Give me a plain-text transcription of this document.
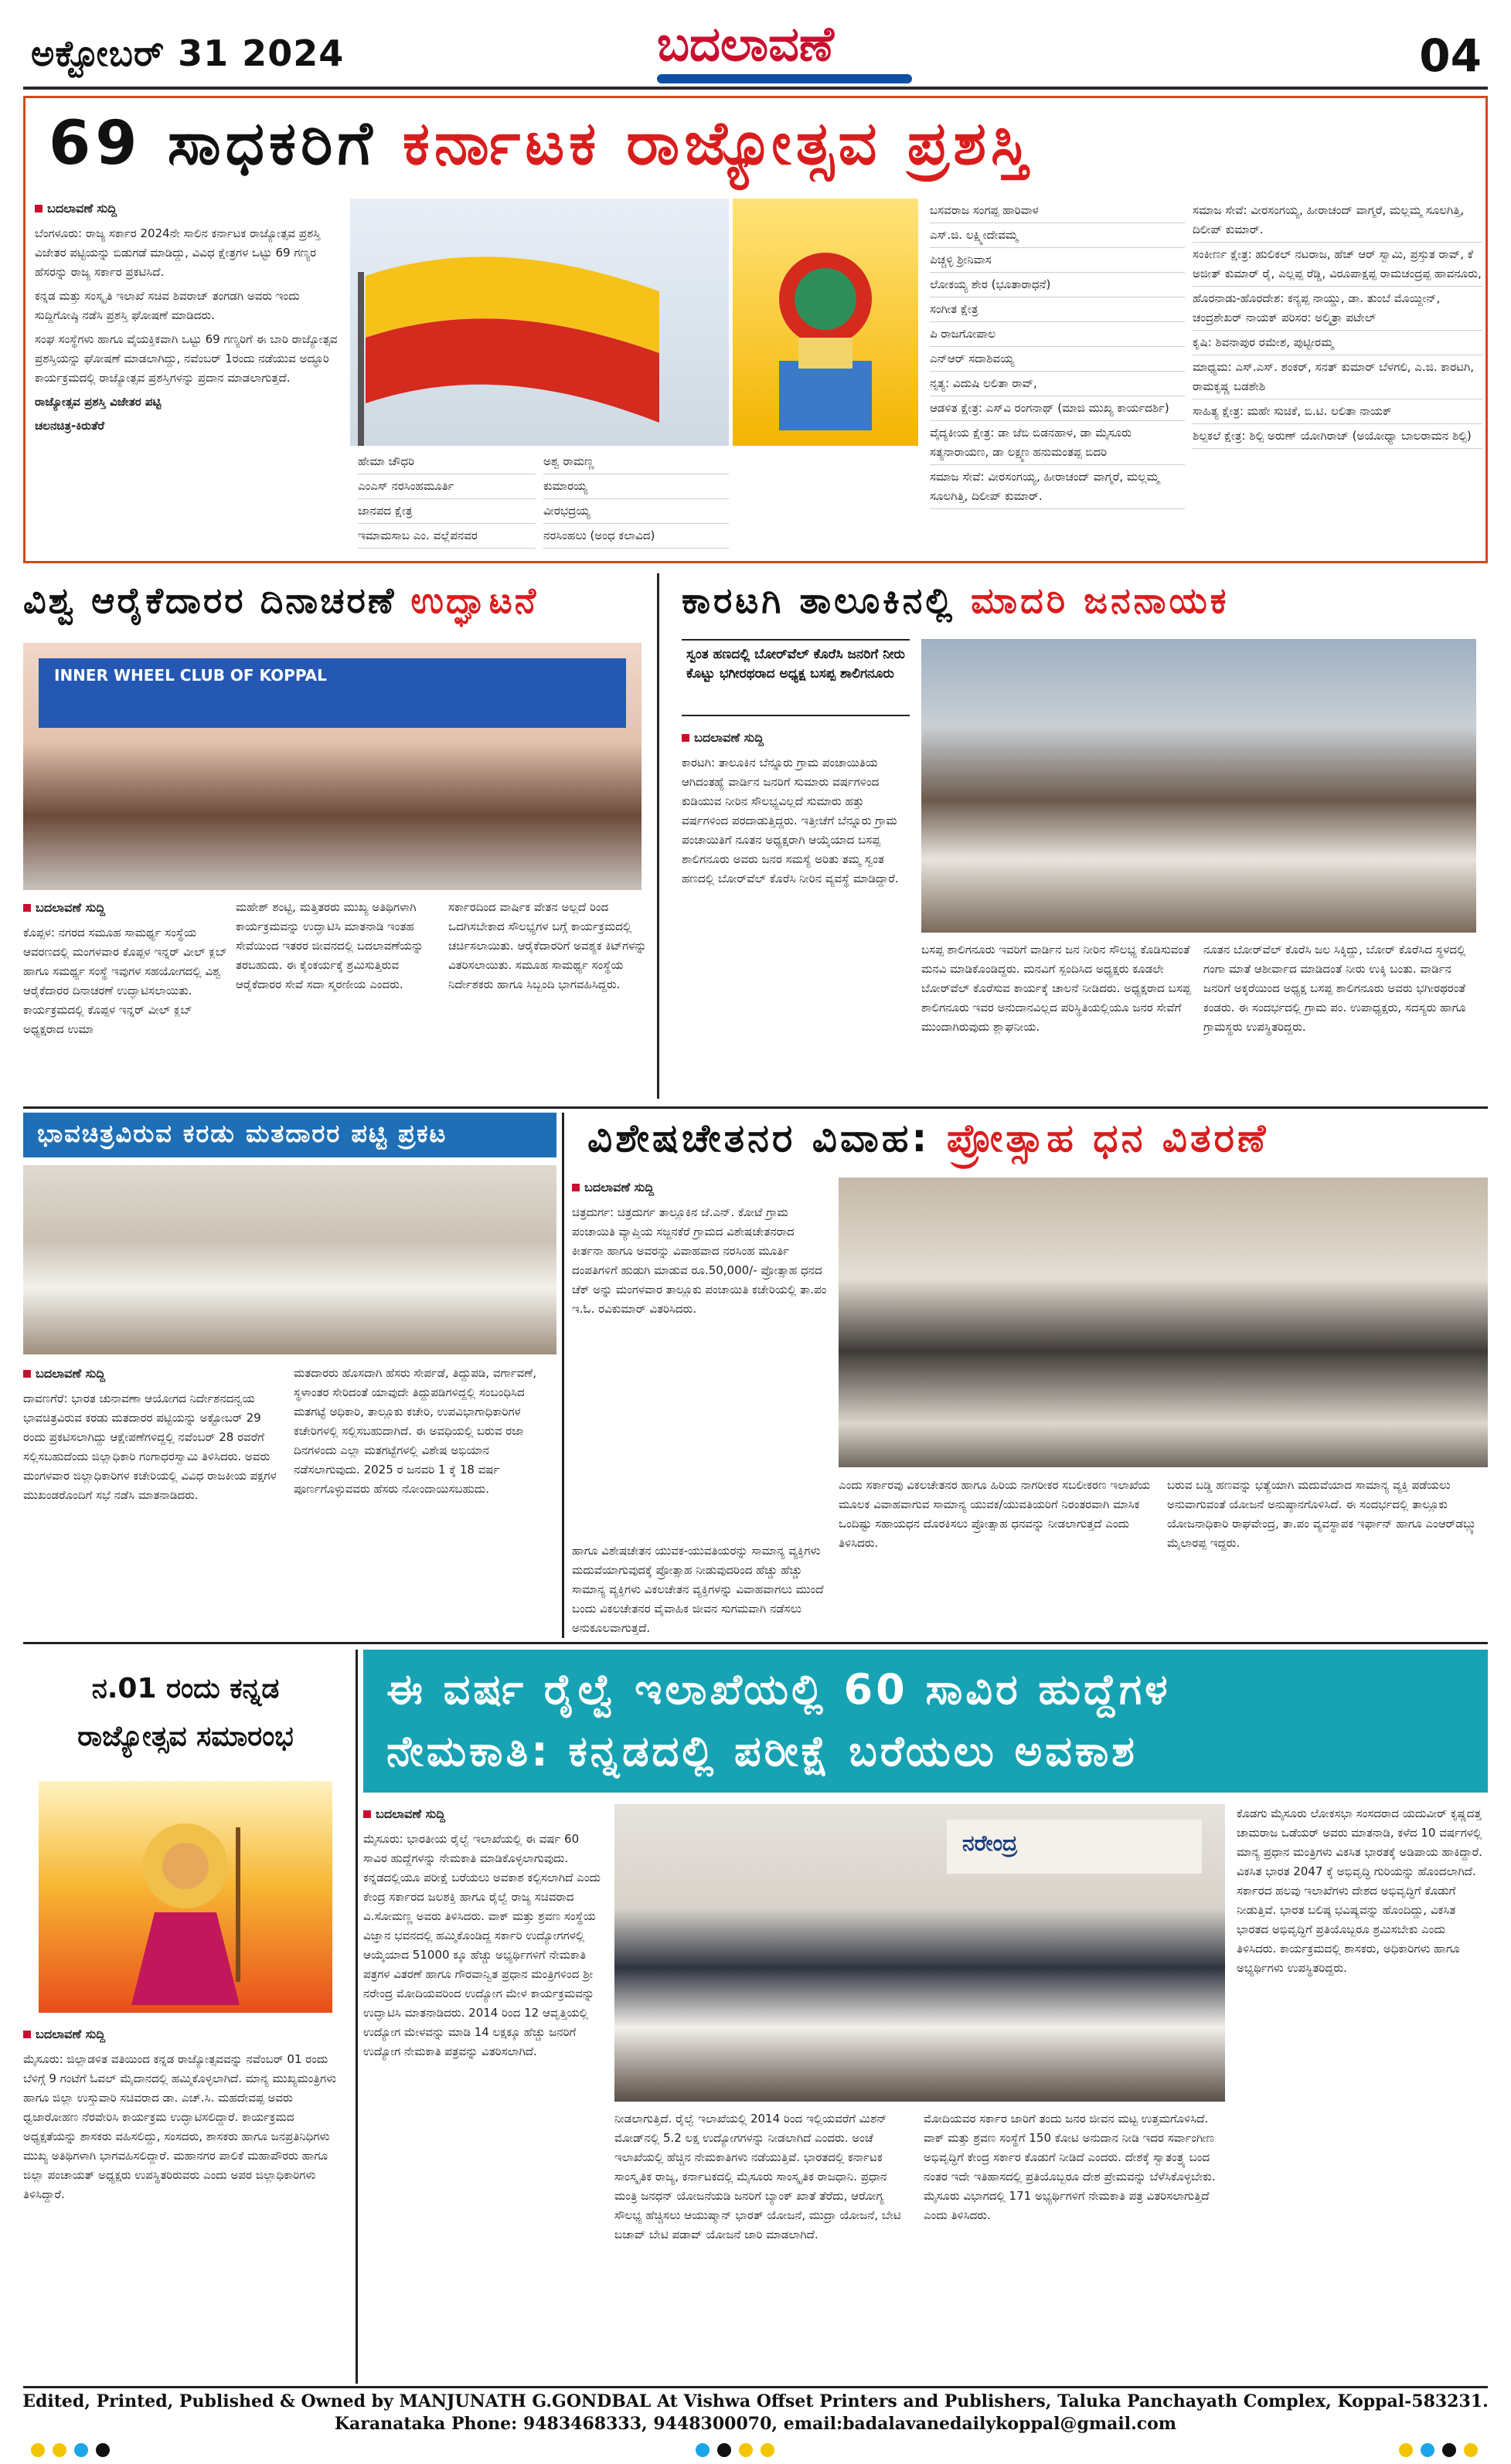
ಅಕ್ಟೋಬರ್ 31 2024	ಬದಲಾವಣೆ	04
69 ಸಾಧಕರಿಗೆ ಕರ್ನಾಟಕ ರಾಜ್ಯೋತ್ಸವ ಪ್ರಶಸ್ತಿ
ಬದಲಾವಣೆ ಸುದ್ದಿ

ಬೆಂಗಳೂರು: ರಾಜ್ಯ ಸರ್ಕಾರ 2024ನೇ ಸಾಲಿನ ಕರ್ನಾಟಕ ರಾಜ್ಯೋತ್ಸವ ಪ್ರಶಸ್ತಿ ವಿಜೇತರ ಪಟ್ಟಿಯನ್ನು ಬಿಡುಗಡೆ ಮಾಡಿದ್ದು, ವಿವಿಧ ಕ್ಷೇತ್ರಗಳ ಒಟ್ಟು 69 ಗಣ್ಯರ ಹೆಸರನ್ನು ರಾಜ್ಯ ಸರ್ಕಾರ ಪ್ರಕಟಿಸಿದೆ.

ಕನ್ನಡ ಮತ್ತು ಸಂಸ್ಕೃತಿ ಇಲಾಖೆ ಸಚಿವ ಶಿವರಾಜ್ ತಂಗಡಗಿ ಅವರು ಇಂದು ಸುದ್ದಿಗೋಷ್ಠಿ ನಡೆಸಿ ಪ್ರಶಸ್ತಿ ಘೋಷಣೆ ಮಾಡಿದರು.

ಸಂಘ ಸಂಸ್ಥೆಗಳು ಹಾಗೂ ವೈಯಕ್ತಿಕವಾಗಿ ಒಟ್ಟು 69 ಗಣ್ಯರಿಗೆ ಈ ಬಾರಿ ರಾಜ್ಯೋತ್ಸವ ಪ್ರಶಸ್ತಿಯನ್ನು ಘೋಷಣೆ ಮಾಡಲಾಗಿದ್ದು, ನವೆಂಬರ್ 1ರಂದು ನಡೆಯುವ ಅದ್ಧೂರಿ ಕಾರ್ಯಕ್ರಮದಲ್ಲಿ ರಾಜ್ಯೋತ್ಸವ ಪ್ರಶಸ್ತಿಗಳನ್ನು ಪ್ರದಾನ ಮಾಡಲಾಗುತ್ತದೆ.

ರಾಜ್ಯೋತ್ಸವ ಪ್ರಶಸ್ತಿ ವಿಜೇತರ ಪಟ್ಟಿ

ಚಲನಚಿತ್ರ-ಕಿರುತೆರೆ

ಹೇಮಾ ಚೌಧರಿ
ಎಂಎಸ್ ನರಸಿಂಹಮೂರ್ತಿ
ಜಾನಪದ ಕ್ಷೇತ್ರ
ಇಮಾಮಸಾಬ ಎಂ. ವಲ್ಲೆಪನವರ
ಅಶ್ವ ರಾಮಣ್ಣ
ಕುಮಾರಯ್ಯ
ವೀರಭದ್ರಯ್ಯ
ನರಸಿಂಹಲು (ಅಂಧ ಕಲಾವಿದ)
ಬಸವರಾಜ ಸಂಗಪ್ಪ ಹಾರಿವಾಳ
ಎಸ್.ಜಿ. ಲಕ್ಷ್ಮೀದೇವಮ್ಮ
ಪಿಚ್ಚಳ್ಳಿ ಶ್ರೀನಿವಾಸ
ಲೋಕಯ್ಯ ಶೇರ (ಭೂತಾರಾಧನೆ)
ಸಂಗೀತ ಕ್ಷೇತ್ರ
ಪಿ ರಾಜಗೋಪಾಲ
ಎನ್ಆರ್ ಸದಾಶಿವಯ್ಯ
ನೃತ್ಯ: ವಿದುಷಿ ಲಲಿತಾ ರಾವ್,
ಆಡಳಿತ ಕ್ಷೇತ್ರ: ಎಸ್‌ವಿ ರಂಗನಾಥ್ (ಮಾಜಿ ಮುಖ್ಯ ಕಾರ್ಯದರ್ಶಿ)
ವೈದ್ಯಕೀಯ ಕ್ಷೇತ್ರ: ಡಾ ಜೆಬಿ ಬಿಡನಹಾಳ, ಡಾ ಮೈಸೂರು ಸತ್ಯನಾರಾಯಣ, ಡಾ ಲಕ್ಷ್ಮಣ ಹನುಮಂತಪ್ಪ ಬಿದರಿ
ಸಮಾಜ ಸೇವೆ: ವೀರಸಂಗಯ್ಯ, ಹೀರಾಚಂದ್ ವಾಗ್ಮರೆ, ಮಲ್ಲಮ್ಮ ಸೂಲಗಿತ್ತಿ, ದಿಲೀಪ್ ಕುಮಾರ್.
ಸಮಾಜ ಸೇವೆ: ವೀರಸಂಗಯ್ಯ, ಹೀರಾಚಂದ್ ವಾಗ್ಮರೆ, ಮಲ್ಲಮ್ಮ ಸೂಲಗಿತ್ತಿ, ದಿಲೀಪ್ ಕುಮಾರ್.
ಸಂಕೀರ್ಣ ಕ್ಷೇತ್ರ: ಹುಲಿಕಲ್ ನಟರಾಜ, ಹೆಚ್ ಆರ್ ಸ್ವಾಮಿ, ಪ್ರಸ್ತುತ ರಾವ್, ಕೆ ಅಜೀತ್ ಕುಮಾರ್ ರೈ, ಎಲ್ಲಪ್ಪ ರೆಡ್ಡಿ, ವಿರೂಪಾಕ್ಷಪ್ಪ ರಾಮಚಂದ್ರಪ್ಪ ಹಾವನೂರು,
ಹೊರನಾಡು-ಹೊರದೇಶ: ಕನ್ಯಪ್ಪ ನಾಯ್ಡು, ಡಾ. ತುಂಬೆ ಮೊಯ್ದೀನ್, ಚಂದ್ರಶೇಖರ್ ನಾಯಕ್ ಪರಿಸರ: ಅಲ್ಮಿತ್ರಾ ಪಟೇಲ್
ಕೃಷಿ: ಶಿವನಾಪುರ ರಮೇಶ, ಪುಟ್ಟೀರಮ್ಮ
ಮಾಧ್ಯಮ: ಎಸ್.ಎಸ್. ಶಂಕರ್, ಸನತ್ ಕುಮಾರ್ ಬೆಳಗಲಿ, ಎ.ಜಿ. ಕಾರಟಗಿ, ರಾಮಕೃಷ್ಣ ಬಡಶೇಶಿ
ಸಾಹಿತ್ಯ ಕ್ಷೇತ್ರ: ಮಹೇ ಸುಚಿಕೆ, ಬಿ.ಟಿ. ಲಲಿತಾ ನಾಯಕ್
ಶಿಲ್ಪಕಲೆ ಕ್ಷೇತ್ರ: ಶಿಲ್ಪಿ ಅರುಣ್ ಯೋಗಿರಾಜ್ (ಅಯೋಧ್ಯಾ ಬಾಲರಾಮನ ಶಿಲ್ಪಿ)
ವಿಶ್ವ ಆರೈಕೆದಾರರ ದಿನಾಚರಣೆ ಉದ್ಘಾಟನೆ
INNER WHEEL CLUB OF KOPPAL
ಬದಲಾವಣೆ ಸುದ್ದಿ

ಕೊಪ್ಪಳ: ನಗರದ ಸಮೂಹ ಸಾಮರ್ಥ್ಯ ಸಂಸ್ಥೆಯ ಆವರಣದಲ್ಲಿ ಮಂಗಳವಾರ ಕೊಪ್ಪಳ ಇನ್ನರ್ ವೀಲ್ ಕ್ಲಬ್ ಹಾಗೂ ಸಮರ್ಥ್ಯ ಸಂಸ್ಥೆ ಇವುಗಳ ಸಹಯೋಗದಲ್ಲಿ ವಿಶ್ವ ಆರೈಕೆದಾರರ ದಿನಾಚರಣೆ ಉದ್ಘಾಟಿಸಲಾಯಿತು. ಕಾರ್ಯಕ್ರಮದಲ್ಲಿ ಕೊಪ್ಪಳ ಇನ್ನರ್ ವೀಲ್ ಕ್ಲಬ್ ಅಧ್ಯಕ್ಷರಾದ ಉಮಾ

ಮಹೇಶ್ ಶಂಟ್ಟಿ, ಮತ್ತಿತರರು ಮುಖ್ಯ ಅತಿಥಿಗಳಾಗಿ ಕಾರ್ಯಕ್ರಮವನ್ನು ಉದ್ಘಾಟಿಸಿ ಮಾತನಾಡಿ ಇಂತಹ ಸೇವೆಯಿಂದ ಇತರರ ಜೀವನದಲ್ಲಿ ಬದಲಾವಣೆಯನ್ನು ತರಬಹುದು. ಈ ಕೈಂಕರ್ಯಕ್ಕೆ ಶ್ರಮಿಸುತ್ತಿರುವ ಆರೈಕೆದಾರರ ಸೇವೆ ಸದಾ ಸ್ಮರಣೀಯ ಎಂದರು.

ಸರ್ಕಾರದಿಂದ ವಾರ್ಷಿಕ ವೇತನ ಅಲ್ಲದೆ ರಿಂದ ಒದಗಿಸಬೇಕಾದ ಸೌಲಭ್ಯಗಳ ಬಗ್ಗೆ ಕಾರ್ಯಕ್ರಮದಲ್ಲಿ ಚರ್ಚಿಸಲಾಯಿತು. ಆರೈಕೆದಾರರಿಗೆ ಅವಶ್ಯಕ ಕಿಟ್‌ಗಳನ್ನು ವಿತರಿಸಲಾಯಿತು. ಸಮೂಹ ಸಾಮರ್ಥ್ಯ ಸಂಸ್ಥೆಯ ನಿರ್ದೇಶಕರು ಹಾಗೂ ಸಿಬ್ಬಂದಿ ಭಾಗವಹಿಸಿದ್ದರು.

ಕಾರಟಗಿ ತಾಲೂಕಿನಲ್ಲಿ ಮಾದರಿ ಜನನಾಯಕ
ಸ್ವಂತ ಹಣದಲ್ಲಿ ಬೋರ್‌ವೆಲ್ ಕೊರೆಸಿ ಜನರಿಗೆ ನೀರು ಕೊಟ್ಟು ಭಗೀರಥರಾದ ಅಧ್ಯಕ್ಷ ಬಸಪ್ಪ ಶಾಲಿಗನೂರು
ಬದಲಾವಣೆ ಸುದ್ದಿ

ಕಾರಟಗಿ: ತಾಲೂಕಿನ ಬೆನ್ನೂರು ಗ್ರಾಮ ಪಂಚಾಯಿತಿಯ ಆಗಿದಂತಹ್ಯೆ ವಾರ್ಡಿನ ಜನರಿಗೆ ಸುಮಾರು ವರ್ಷಗಳಿಂದ ಕುಡಿಯುವ ನೀರಿನ ಸೌಲಭ್ಯವಿಲ್ಲದೆ ಸುಮಾರು ಹತ್ತು ವರ್ಷಗಳಿಂದ ಪರದಾಡುತ್ತಿದ್ದರು. ಇತ್ತೀಚೆಗೆ ಬೆನ್ನೂರು ಗ್ರಾಮ ಪಂಚಾಯಿತಿಗೆ ನೂತನ ಅಧ್ಯಕ್ಷರಾಗಿ ಆಯ್ಕೆಯಾದ ಬಸಪ್ಪ ಶಾಲಿಗನೂರು ಅವರು ಜನರ ಸಮಸ್ಯೆ ಅರಿತು ತಮ್ಮ ಸ್ವಂತ ಹಣದಲ್ಲಿ ಬೋರ್‌ವೆಲ್ ಕೊರೆಸಿ ನೀರಿನ ವ್ಯವಸ್ಥೆ ಮಾಡಿದ್ದಾರೆ.

ಬಸಪ್ಪ ಶಾಲಿಗನೂರು ಇವರಿಗೆ ವಾರ್ಡಿನ ಜನ ನೀರಿನ ಸೌಲಭ್ಯ ಕೊಡಿಸುವಂತೆ ಮನವಿ ಮಾಡಿಕೊಂಡಿದ್ದರು. ಮನವಿಗೆ ಸ್ಪಂದಿಸಿದ ಅಧ್ಯಕ್ಷರು ಕೂಡಲೇ ಬೋರ್‌ವೆಲ್ ಕೊರೆಸುವ ಕಾರ್ಯಕ್ಕೆ ಚಾಲನೆ ನೀಡಿದರು. ಅಧ್ಯಕ್ಷರಾದ ಬಸಪ್ಪ ಶಾಲಿಗನೂರು ಇವರ ಅನುದಾನವಿಲ್ಲದ ಪರಿಸ್ಥಿತಿಯಲ್ಲಿಯೂ ಜನರ ಸೇವೆಗೆ ಮುಂದಾಗಿರುವುದು ಶ್ಲಾಘನೀಯ.

ನೂತನ ಬೋರ್‌ವೆಲ್ ಕೊರೆಸಿ ಜಲ ಸಿಕ್ಕಿದ್ದು, ಬೋರ್ ಕೊರೆಸಿದ ಸ್ಥಳದಲ್ಲಿ ಗಂಗಾ ಮಾತೆ ಆಶೀರ್ವಾದ ಮಾಡಿದಂತೆ ನೀರು ಉಕ್ಕಿ ಬಂತು. ವಾರ್ಡಿನ ಜನರಿಗೆ ಅಕ್ಕರೆಯಿಂದ ಅಧ್ಯಕ್ಷ ಬಸಪ್ಪ ಶಾಲಿಗನೂರು ಅವರು ಭಗೀರಥರಂತೆ ಕಂಡರು. ಈ ಸಂದರ್ಭದಲ್ಲಿ ಗ್ರಾಮ ಪಂ. ಉಪಾಧ್ಯಕ್ಷರು, ಸದಸ್ಯರು ಹಾಗೂ ಗ್ರಾಮಸ್ಥರು ಉಪಸ್ಥಿತರಿದ್ದರು.

ಭಾವಚಿತ್ರವಿರುವ ಕರಡು ಮತದಾರರ ಪಟ್ಟಿ ಪ್ರಕಟ
ಬದಲಾವಣೆ ಸುದ್ದಿ

ದಾವಣಗೆರೆ: ಭಾರತ ಚುನಾವಣಾ ಆಯೋಗದ ನಿರ್ದೇಶನದನ್ವಯ ಭಾವಚಿತ್ರವಿರುವ ಕರಡು ಮತದಾರರ ಪಟ್ಟಿಯನ್ನು ಅಕ್ಟೋಬರ್ 29 ರಂದು ಪ್ರಕಟಿಸಲಾಗಿದ್ದು ಆಕ್ಷೇಪಣೆಗಳಿದ್ದಲ್ಲಿ ನವೆಂಬರ್ 28 ರವರೆಗೆ ಸಲ್ಲಿಸಬಹುದೆಂದು ಜಿಲ್ಲಾಧಿಕಾರಿ ಗಂಗಾಧರಸ್ವಾಮಿ ತಿಳಿಸಿದರು. ಅವರು ಮಂಗಳವಾರ ಜಿಲ್ಲಾಧಿಕಾರಿಗಳ ಕಚೇರಿಯಲ್ಲಿ ವಿವಿಧ ರಾಜಕೀಯ ಪಕ್ಷಗಳ ಮುಖಂಡರೊಂದಿಗೆ ಸಭೆ ನಡೆಸಿ ಮಾತನಾಡಿದರು.

ಮತದಾರರು ಹೊಸದಾಗಿ ಹೆಸರು ಸೇರ್ಪಡೆ, ತಿದ್ದುಪಡಿ, ವರ್ಗಾವಣೆ, ಸ್ಥಳಾಂತರ ಸೇರಿದಂತೆ ಯಾವುದೇ ತಿದ್ದುಪಡಿಗಳಿದ್ದಲ್ಲಿ ಸಂಬಂಧಿಸಿದ ಮತಗಟ್ಟೆ ಅಧಿಕಾರಿ, ತಾಲ್ಲೂಕು ಕಚೇರಿ, ಉಪವಿಭಾಗಾಧಿಕಾರಿಗಳ ಕಚೇರಿಗಳಲ್ಲಿ ಸಲ್ಲಿಸಬಹುದಾಗಿದೆ. ಈ ಅವಧಿಯಲ್ಲಿ ಬರುವ ರಜಾ ದಿನಗಳಂದು ಎಲ್ಲಾ ಮತಗಟ್ಟೆಗಳಲ್ಲಿ ವಿಶೇಷ ಅಭಿಯಾನ ನಡೆಸಲಾಗುವುದು. 2025 ರ ಜನವರಿ 1 ಕ್ಕೆ 18 ವರ್ಷ ಪೂರ್ಣಗೊಳ್ಳುವವರು ಹೆಸರು ನೋಂದಾಯಿಸಬಹುದು.

ವಿಶೇಷಚೇತನರ ವಿವಾಹ: ಪ್ರೋತ್ಸಾಹ ಧನ ವಿತರಣೆ
ಬದಲಾವಣೆ ಸುದ್ದಿ

ಚಿತ್ರದುರ್ಗ: ಚಿತ್ರದುರ್ಗ ತಾಲ್ಲೂಕಿನ ಜೆ.ಎನ್. ಕೋಟೆ ಗ್ರಾಮ ಪಂಚಾಯಿತಿ ವ್ಯಾಪ್ತಿಯ ಸಜ್ಜನಕೆರೆ ಗ್ರಾಮದ ವಿಶೇಷಚೇತನರಾದ ಕೀರ್ತನಾ ಹಾಗೂ ಅವರನ್ನು ವಿವಾಹವಾದ ನರಸಿಂಹ ಮೂರ್ತಿ ದಂಪತಿಗಳಿಗೆ ಹುಡುಗಿ ಮಾಡುವ ರೂ.50,000/- ಪ್ರೋತ್ಸಾಹ ಧನದ ಚೆಕ್ ಅನ್ನು ಮಂಗಳವಾರ ತಾಲ್ಲೂಕು ಪಂಚಾಯಿತಿ ಕಚೇರಿಯಲ್ಲಿ ತಾ.ಪಂ ಇ.ಓ. ರವಿಕುಮಾರ್ ವಿತರಿಸಿದರು.

ಹಾಗೂ ವಿಶೇಷಚೇತನ ಯುವಕ-ಯುವತಿಯರನ್ನು ಸಾಮಾನ್ಯ ವ್ಯಕ್ತಿಗಳು ಮದುವೆಯಾಗುವುದಕ್ಕೆ ಪ್ರೋತ್ಸಾಹ ನೀಡುವುದರಿಂದ ಹೆಚ್ಚು ಹೆಚ್ಚು ಸಾಮಾನ್ಯ ವ್ಯಕ್ತಿಗಳು ವಿಕಲಚೇತನ ವ್ಯಕ್ತಿಗಳನ್ನು ವಿವಾಹವಾಗಲು ಮುಂದೆ ಬಂದು ವಿಕಲಚೇತನರ ವೈವಾಹಿಕ ಜೀವನ ಸುಗಮವಾಗಿ ನಡೆಸಲು ಅನುಕೂಲವಾಗುತ್ತದೆ.

ಎಂದು ಸರ್ಕಾರವು ವಿಕಲಚೇತನರ ಹಾಗೂ ಹಿರಿಯ ನಾಗರೀಕರ ಸಬಲೀಕರಣ ಇಲಾಖೆಯ ಮೂಲಕ ವಿವಾಹವಾಗುವ ಸಾಮಾನ್ಯ ಯುವಕ/ಯುವತಿಯರಿಗೆ ನಿರಂತರವಾಗಿ ಮಾಸಿಕ ಒಂದಿಷ್ಟು ಸಹಾಯಧನ ದೊರಕಿಸಲು ಪ್ರೋತ್ಸಾಹ ಧನವನ್ನು ನೀಡಲಾಗುತ್ತದೆ ಎಂದು ತಿಳಿಸಿದರು.

ಬರುವ ಬಡ್ಡಿ ಹಣವನ್ನು ಭತ್ಯೆಯಾಗಿ ಮದುವೆಯಾದ ಸಾಮಾನ್ಯ ವ್ಯಕ್ತಿ ಪಡೆಯಲು ಅನುವಾಗುವಂತೆ ಯೋಜನೆ ಅನುಷ್ಠಾನಗೊಳಿಸಿದೆ. ಈ ಸಂದರ್ಭದಲ್ಲಿ ತಾಲ್ಲೂಕು ಯೋಜನಾಧಿಕಾರಿ ರಾಘವೇಂದ್ರ, ತಾ.ಪಂ ವ್ಯವಸ್ಥಾಪಕ ಇರ್ಫಾನ್ ಹಾಗೂ ಎಂಆರ್‌ಡಬ್ಲ್ಯು ಮೈಲಾರಪ್ಪ ಇದ್ದರು.

ನ.01 ರಂದು ಕನ್ನಡ
ರಾಜ್ಯೋತ್ಸವ ಸಮಾರಂಭ
ಬದಲಾವಣೆ ಸುದ್ದಿ

ಮೈಸೂರು: ಜಿಲ್ಲಾಡಳಿತ ವತಿಯಿಂದ ಕನ್ನಡ ರಾಜ್ಯೋತ್ಸವವನ್ನು ನವೆಂಬರ್ 01 ರಂದು ಬೆಳಿಗ್ಗೆ 9 ಗಂಟೆಗೆ ಓವಲ್ ಮೈದಾನದಲ್ಲಿ ಹಮ್ಮಿಕೊಳ್ಳಲಾಗಿದೆ. ಮಾನ್ಯ ಮುಖ್ಯಮಂತ್ರಿಗಳು ಹಾಗೂ ಜಿಲ್ಲಾ ಉಸ್ತುವಾರಿ ಸಚಿವರಾದ ಡಾ. ಎಚ್.ಸಿ. ಮಹದೇವಪ್ಪ ಅವರು ಧ್ವಜಾರೋಹಣ ನೆರವೇರಿಸಿ ಕಾರ್ಯಕ್ರಮ ಉದ್ಘಾಟಿಸಲಿದ್ದಾರೆ. ಕಾರ್ಯಕ್ರಮದ ಅಧ್ಯಕ್ಷತೆಯನ್ನು ಶಾಸಕರು ವಹಿಸಲಿದ್ದು, ಸಂಸದರು, ಶಾಸಕರು ಹಾಗೂ ಜನಪ್ರತಿನಿಧಿಗಳು ಮುಖ್ಯ ಅತಿಥಿಗಳಾಗಿ ಭಾಗವಹಿಸಲಿದ್ದಾರೆ. ಮಹಾನಗರ ಪಾಲಿಕೆ ಮಹಾಪೌರರು ಹಾಗೂ ಜಿಲ್ಲಾ ಪಂಚಾಯತ್ ಅಧ್ಯಕ್ಷರು ಉಪಸ್ಥಿತರಿರುವರು ಎಂದು ಅಪರ ಜಿಲ್ಲಾಧಿಕಾರಿಗಳು ತಿಳಿಸಿದ್ದಾರೆ.

ಈ ವರ್ಷ ರೈಲ್ವೆ ಇಲಾಖೆಯಲ್ಲಿ 60 ಸಾವಿರ ಹುದ್ದೆಗಳ
ನೇಮಕಾತಿ: ಕನ್ನಡದಲ್ಲಿ ಪರೀಕ್ಷೆ ಬರೆಯಲು ಅವಕಾಶ
ಬದಲಾವಣೆ ಸುದ್ದಿ

ಮೈಸೂರು: ಭಾರತೀಯ ರೈಲ್ವೆ ಇಲಾಖೆಯಲ್ಲಿ ಈ ವರ್ಷ 60 ಸಾವಿರ ಹುದ್ದೆಗಳನ್ನು ನೇಮಕಾತಿ ಮಾಡಿಕೊಳ್ಳಲಾಗುವುದು. ಕನ್ನಡದಲ್ಲಿಯೂ ಪರೀಕ್ಷೆ ಬರೆಯಲು ಅವಕಾಶ ಕಲ್ಪಿಸಲಾಗಿದೆ ಎಂದು ಕೇಂದ್ರ ಸರ್ಕಾರದ ಜಲಶಕ್ತಿ ಹಾಗೂ ರೈಲ್ವೆ ರಾಜ್ಯ ಸಚಿವರಾದ ವಿ.ಸೋಮಣ್ಣ ಅವರು ತಿಳಿಸಿದರು. ವಾಕ್ ಮತ್ತು ಶ್ರವಣ ಸಂಸ್ಥೆಯ ವಿಜ್ಞಾನ ಭವನದಲ್ಲಿ ಹಮ್ಮಿಕೊಂಡಿದ್ದ ಸರ್ಕಾರಿ ಉದ್ಯೋಗಗಳಲ್ಲಿ ಆಯ್ಕೆಯಾದ 51000 ಕ್ಕೂ ಹೆಚ್ಚು ಅಭ್ಯರ್ಥಿಗಳಿಗೆ ನೇಮಕಾತಿ ಪತ್ರಗಳ ವಿತರಣೆ ಹಾಗೂ ಗೌರವಾನ್ವಿತ ಪ್ರಧಾನ ಮಂತ್ರಿಗಳಿಂದ ಶ್ರೀ ನರೇಂದ್ರ ಮೋದಿಯವರಿಂದ ಉದ್ಯೋಗ ಮೇಳ ಕಾರ್ಯಕ್ರಮವನ್ನು ಉದ್ಘಾಟಿಸಿ ಮಾತನಾಡಿದರು. 2014 ರಿಂದ 12 ಆವೃತ್ತಿಯಲ್ಲಿ ಉದ್ಯೋಗ ಮೇಳವನ್ನು ಮಾಡಿ 14 ಲಕ್ಷಕ್ಕೂ ಹೆಚ್ಚು ಜನರಿಗೆ ಉದ್ಯೋಗ ನೇಮಕಾತಿ ಪತ್ರವನ್ನು ವಿತರಿಸಲಾಗಿದೆ.

ನರೇಂದ್ರ

ನೀಡಲಾಗುತ್ತಿದೆ. ರೈಲ್ವೆ ಇಲಾಖೆಯಲ್ಲಿ 2014 ರಿಂದ ಇಲ್ಲಿಯವರೆಗೆ ಮಿಶನ್ ಮೋಡ್‌ನಲ್ಲಿ 5.2 ಲಕ್ಷ ಉದ್ಯೋಗಗಳನ್ನು ನೀಡಲಾಗಿದೆ ಎಂದರು. ಅಂಚೆ ಇಲಾಖೆಯಲ್ಲಿ ಹೆಚ್ಚಿನ ನೇಮಕಾತಿಗಳು ನಡೆಯುತ್ತಿವೆ. ಭಾರತದಲ್ಲಿ ಕರ್ನಾಟಕ ಸಾಂಸ್ಕೃತಿಕ ರಾಜ್ಯ, ಕರ್ನಾಟಕದಲ್ಲಿ ಮೈಸೂರು ಸಾಂಸ್ಕೃತಿಕ ರಾಜಧಾನಿ. ಪ್ರಧಾನ ಮಂತ್ರಿ ಜನಧನ್ ಯೋಜನೆಯಡಿ ಜನರಿಗೆ ಬ್ಯಾಂಕ್ ಖಾತೆ ತೆರೆದು, ಆರೋಗ್ಯ ಸೌಲಭ್ಯ ಹೆಚ್ಚಿಸಲು ಆಯುಷ್ಮಾನ್ ಭಾರತ್ ಯೋಜನೆ, ಮುದ್ರಾ ಯೋಜನೆ, ಬೇಟಿ ಬಚಾವ್ ಬೇಟಿ ಪಡಾವ್ ಯೋಜನೆ ಜಾರಿ ಮಾಡಲಾಗಿದೆ.

ಮೋದಿಯವರ ಸರ್ಕಾರ ಜಾರಿಗೆ ತಂದು ಜನರ ಜೀವನ ಮಟ್ಟ ಉತ್ತಮಗೊಳಿಸಿದೆ. ವಾಕ್ ಮತ್ತು ಶ್ರವಣ ಸಂಸ್ಥೆಗೆ 150 ಕೋಟಿ ಅನುದಾನ ನೀಡಿ ಇದರ ಸರ್ವಾಂಗೀಣ ಅಭಿವೃದ್ಧಿಗೆ ಕೇಂದ್ರ ಸರ್ಕಾರ ಕೊಡುಗೆ ನೀಡಿದೆ ಎಂದರು. ದೇಶಕ್ಕೆ ಸ್ವಾತಂತ್ರ್ಯ ಬಂದ ನಂತರ ಇದೇ ಇತಿಹಾಸದಲ್ಲಿ ಪ್ರತಿಯೊಬ್ಬರೂ ದೇಶ ಪ್ರೇಮವನ್ನು ಬೆಳೆಸಿಕೊಳ್ಳಬೇಕು. ಮೈಸೂರು ವಿಭಾಗದಲ್ಲಿ 171 ಅಭ್ಯರ್ಥಿಗಳಿಗೆ ನೇಮಕಾತಿ ಪತ್ರ ವಿತರಿಸಲಾಗುತ್ತಿದೆ ಎಂದು ತಿಳಿಸಿದರು.

ಕೊಡಗು ಮೈಸೂರು ಲೋಕಸಭಾ ಸಂಸದರಾದ ಯದುವೀರ್ ಕೃಷ್ಣದತ್ತ ಚಾಮರಾಜ ಒಡೆಯರ್ ಅವರು ಮಾತನಾಡಿ, ಕಳೆದ 10 ವರ್ಷಗಳಲ್ಲಿ ಮಾನ್ಯ ಪ್ರಧಾನ ಮಂತ್ರಿಗಳು ವಿಕಸಿತ ಭಾರತಕ್ಕೆ ಅಡಿಪಾಯ ಹಾಕಿದ್ದಾರೆ. ವಿಕಸಿತ ಭಾರತ 2047 ಕ್ಕೆ ಅಭಿವೃದ್ಧಿ ಗುರಿಯನ್ನು ಹೊಂದಲಾಗಿದೆ. ಸರ್ಕಾರದ ಹಲವು ಇಲಾಖೆಗಳು ದೇಶದ ಅಭಿವೃದ್ಧಿಗೆ ಕೊಡುಗೆ ನೀಡುತ್ತಿವೆ. ಭಾರತ ಬಲಿಷ್ಠ ಭವಿಷ್ಯವನ್ನು ಹೊಂದಿದ್ದು, ವಿಕಸಿತ ಭಾರತದ ಅಭಿವೃದ್ಧಿಗೆ ಪ್ರತಿಯೊಬ್ಬರೂ ಶ್ರಮಿಸಬೇಕು ಎಂದು ತಿಳಿಸಿದರು. ಕಾರ್ಯಕ್ರಮದಲ್ಲಿ ಶಾಸಕರು, ಅಧಿಕಾರಿಗಳು ಹಾಗೂ ಅಭ್ಯರ್ಥಿಗಳು ಉಪಸ್ಥಿತರಿದ್ದರು.

Edited, Printed, Published & Owned by MANJUNATH G.GONDBAL At Vishwa Offset Printers and Publishers, Taluka Panchayath Complex, Koppal-583231.
Karanataka Phone: 9483468333, 9448300070, email:badalavanedailykoppal@gmail.com
